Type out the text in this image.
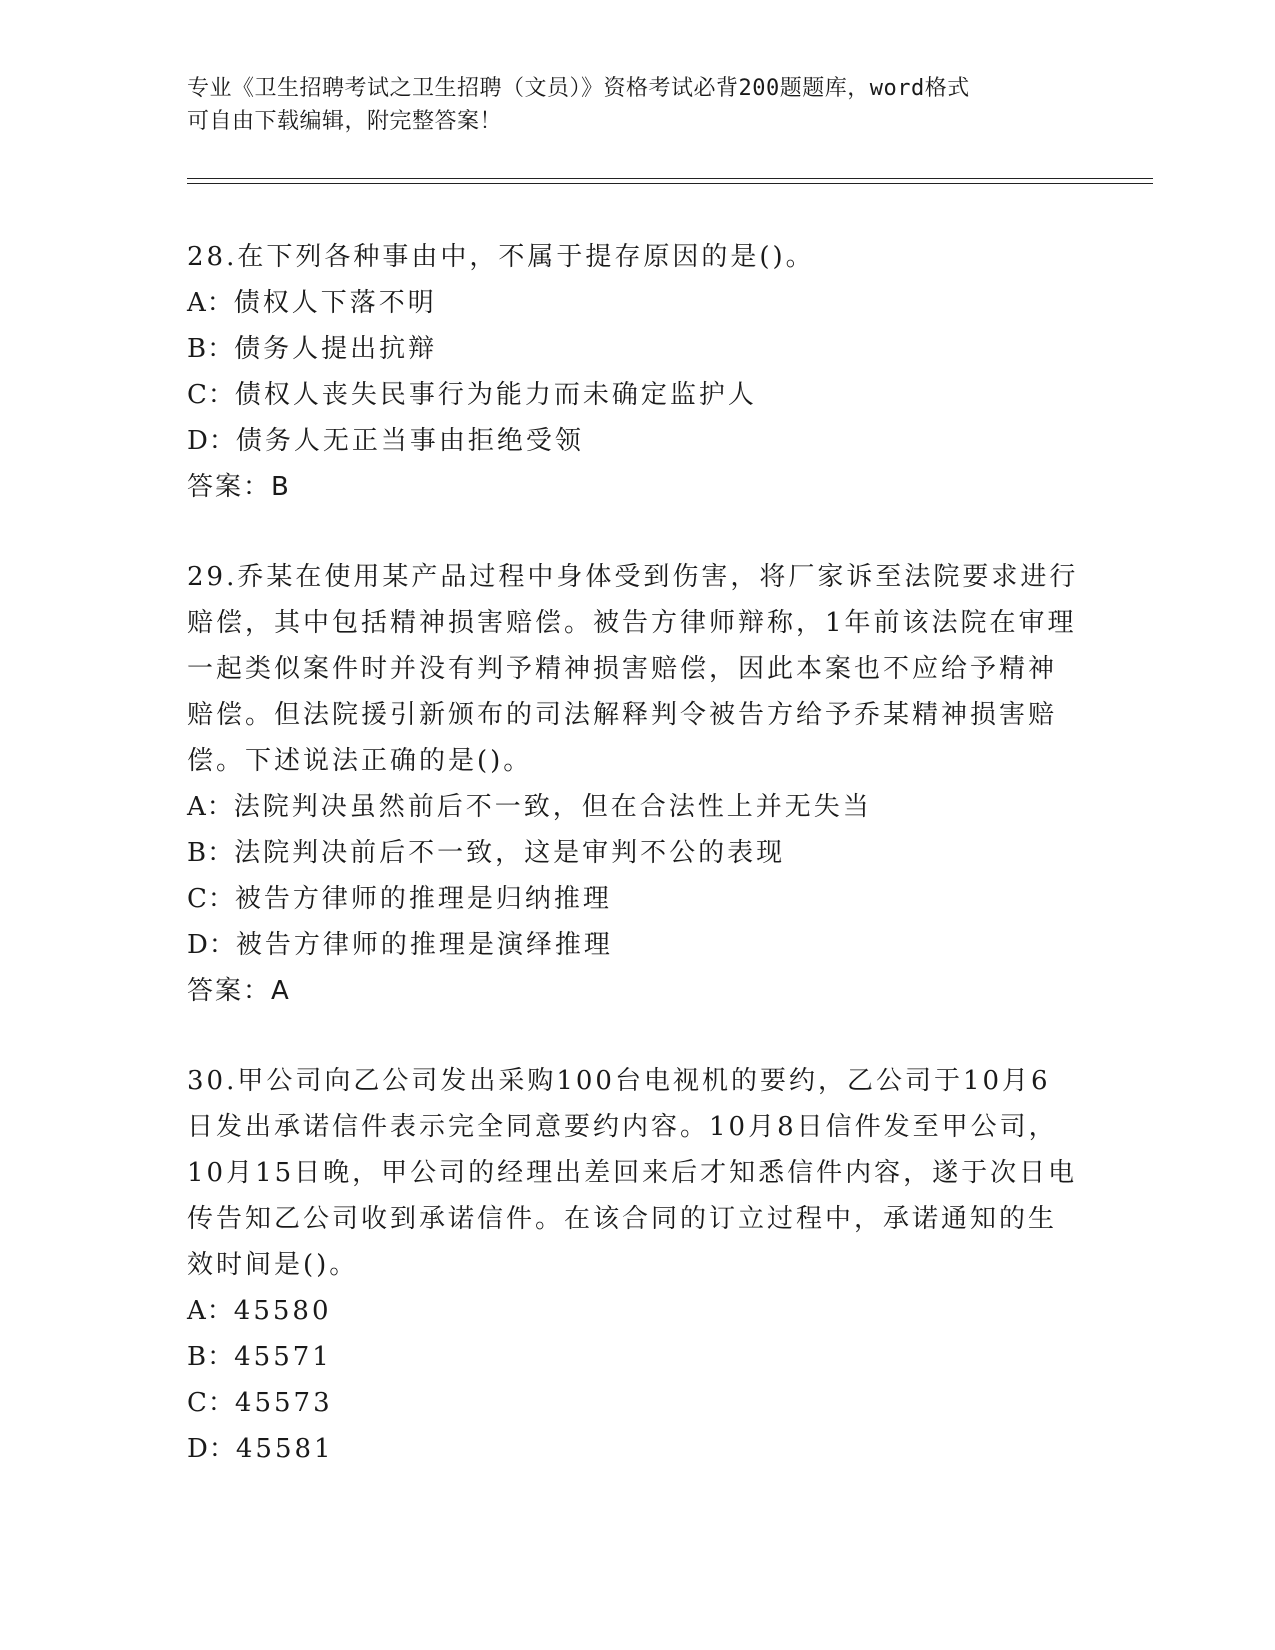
专业《卫生招聘考试之卫生招聘（文员）》资格考试必背200题题库，word格式
可自由下载编辑，附完整答案！
28.在下列各种事由中，不属于提存原因的是()。
A：债权人下落不明
B：债务人提出抗辩
C：债权人丧失民事行为能力而未确定监护人
D：债务人无正当事由拒绝受领
答案：B
29.乔某在使用某产品过程中身体受到伤害，将厂家诉至法院要求进行
赔偿，其中包括精神损害赔偿。被告方律师辩称，1年前该法院在审理
一起类似案件时并没有判予精神损害赔偿，因此本案也不应给予精神
赔偿。但法院援引新颁布的司法解释判令被告方给予乔某精神损害赔
偿。下述说法正确的是()。
A：法院判决虽然前后不一致，但在合法性上并无失当
B：法院判决前后不一致，这是审判不公的表现
C：被告方律师的推理是归纳推理
D：被告方律师的推理是演绎推理
答案：A
30.甲公司向乙公司发出采购100台电视机的要约，乙公司于10月6
日发出承诺信件表示完全同意要约内容。10月8日信件发至甲公司，
10月15日晚，甲公司的经理出差回来后才知悉信件内容，遂于次日电
传告知乙公司收到承诺信件。在该合同的订立过程中，承诺通知的生
效时间是()。
A：45580
B：45571
C：45573
D：45581
